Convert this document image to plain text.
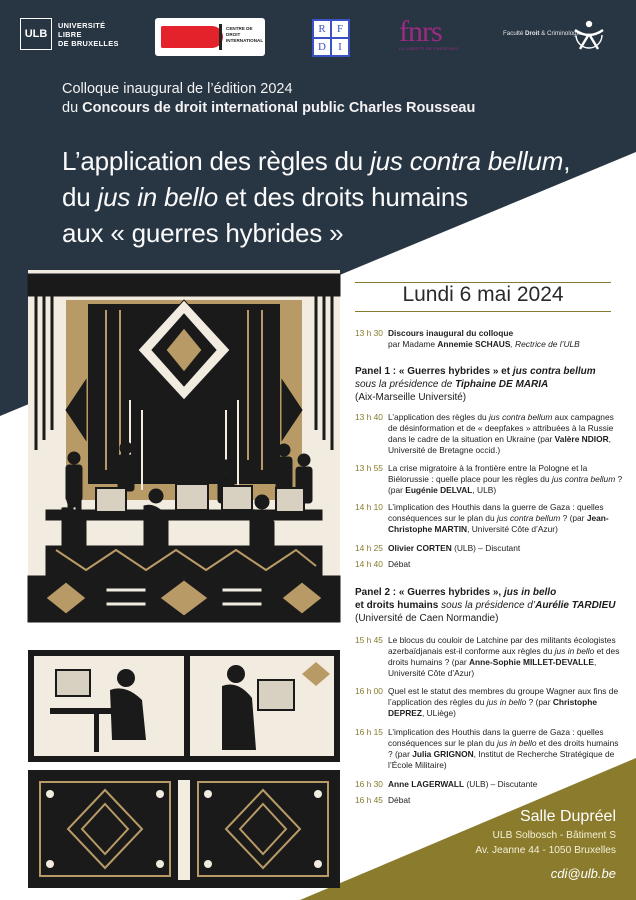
ULB
UNIVERSITÉ
LIBRE
DE BRUXELLES
CENTRE DE
DROIT
INTERNATIONAL
R	F
D	I fnrs
LA LIBERTÉ DE CHERCHER
Faculté Droit & Criminologie
Colloque inaugural de l’édition 2024
du Concours de droit international public Charles Rousseau
L’application des règles du jus contra bellum,
du jus in bello et des droits humains
aux « guerres hybrides »
Lundi 6 mai 2024
13 h 30 Discours inaugural du colloque
par Madame Annemie SCHAUS, Rectrice de l’ULB
Panel 1 : « Guerres hybrides » et jus contra bellum
sous la présidence de Tiphaine DE MARIA
(Aix-Marseille Université)
13 h 40 L’application des règles du jus contra bellum aux campagnes de désinformation et de « deepfakes » attribuées à la Russie dans le cadre de la situation en Ukraine (par Valère NDIOR, Université de Bretagne occid.)
13 h 55 La crise migratoire à la frontière entre la Pologne et la Biélorussie : quelle place pour les règles du jus contra bellum ? (par Eugénie DELVAL, ULB)
14 h 10 L’implication des Houthis dans la guerre de Gaza : quelles conséquences sur le plan du jus contra bellum ? (par Jean-Christophe MARTIN, Université Côte d’Azur)
14 h 25 Olivier CORTEN (ULB) – Discutant
14 h 40 Débat
Panel 2 : « Guerres hybrides », jus in bello
et droits humains sous la présidence d’Aurélie TARDIEU (Université de Caen Normandie)
15 h 45 Le blocus du couloir de Latchine par des militants écologistes azerbaïdjanais est-il conforme aux règles du jus in bello et des droits humains ? (par Anne-Sophie MILLET-DEVALLE, Université Côte d’Azur)
16 h 00 Quel est le statut des membres du groupe Wagner aux fins de l’application des règles du jus in bello ? (par Christophe DEPREZ, ULiège)
16 h 15 L’implication des Houthis dans la guerre de Gaza : quelles conséquences sur le plan du jus in bello et des droits humains ? (par Julia GRIGNON, Institut de Recherche Stratégique de l’École Militaire)
16 h 30 Anne LAGERWALL (ULB) – Discutante
16 h 45 Débat
Salle Dupréel
ULB Solbosch - Bâtiment S
Av. Jeanne 44 - 1050 Bruxelles
cdi@ulb.be
